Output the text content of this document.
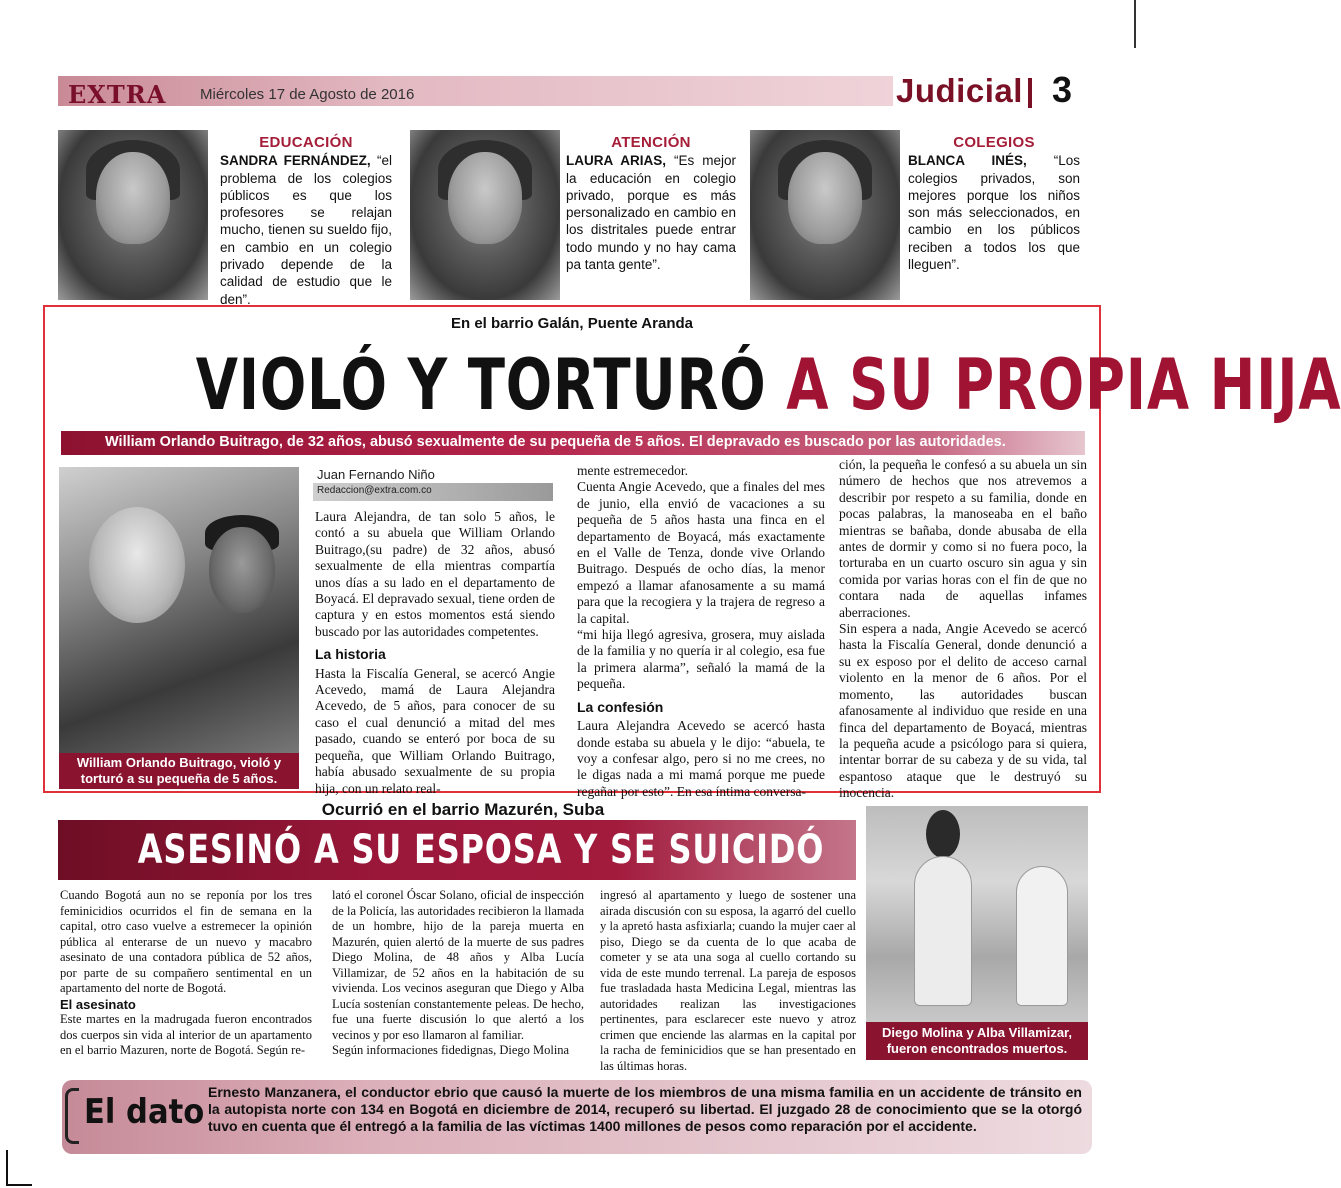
EXTRA Miércoles 17 de Agosto de 2016	Judicial 3
EDUCACIÓN
SANDRA FERNÁNDEZ, “el problema de los colegios públicos es que los profesores se relajan mucho, tienen su sueldo fijo, en cambio en un colegio privado depende de la calidad de estudio que le den”.
ATENCIÓN
LAURA ARIAS, “Es mejor la educación en colegio privado, porque es más personalizado en cambio en los distritales puede entrar todo mundo y no hay cama pa tanta gente”.
COLEGIOS
BLANCA INÉS, “Los colegios privados, son mejores porque los niños son más seleccionados, en cambio en los públicos reciben a todos los que lleguen”.
En el barrio Galán, Puente Aranda
VIOLÓ Y TORTURÓ A SU PROPIA HIJA
William Orlando Buitrago, de 32 años, abusó sexualmente de su pequeña de 5 años. El depravado es buscado por las autoridades.
William Orlando Buitrago, violó y torturó a su pequeña de 5 años.
Juan Fernando Niño
Redaccion@extra.com.co

Laura Alejandra, de tan solo 5 años, le contó a su abuela que William Orlando Buitrago,(su padre) de 32 años, abusó sexualmente de ella mientras compartía unos días a su lado en el departamento de Boyacá. El depravado sexual, tiene orden de captura y en estos momentos está siendo buscado por las autoridades competentes.

La historia

Hasta la Fiscalía General, se acercó Angie Acevedo, mamá de Laura Alejandra Acevedo, de 5 años, para conocer de su caso el cual denunció a mitad del mes pasado, cuando se enteró por boca de su pequeña, que William Orlando Buitrago, había abusado sexualmente de su propia hija, con un relato real-

mente estremecedor.

Cuenta Angie Acevedo, que a finales del mes de junio, ella envió de vacaciones a su pequeña de 5 años hasta una finca en el departamento de Boyacá, más exactamente en el Valle de Tenza, donde vive Orlando Buitrago. Después de ocho días, la menor empezó a llamar afanosamente a su mamá para que la recogiera y la trajera de regreso a la capital.

“mi hija llegó agresiva, grosera, muy aislada de la familia y no quería ir al colegio, esa fue la primera alarma”, señaló la mamá de la pequeña.

La confesión

Laura Alejandra Acevedo se acercó hasta donde estaba su abuela y le dijo: “abuela, te voy a confesar algo, pero si no me crees, no le digas nada a mi mamá porque me puede regañar por esto”. En esa íntima conversa-

ción, la pequeña le confesó a su abuela un sin número de hechos que nos atrevemos a describir por respeto a su familia, donde en pocas palabras, la manoseaba en el baño mientras se bañaba, donde abusaba de ella antes de dormir y como si no fuera poco, la torturaba en un cuarto oscuro sin agua y sin comida por varias horas con el fin de que no contara nada de aquellas infames aberraciones.

Sin espera a nada, Angie Acevedo se acercó hasta la Fiscalía General, donde denunció a su ex esposo por el delito de acceso carnal violento en la menor de 6 años. Por el momento, las autoridades buscan afanosamente al individuo que reside en una finca del departamento de Boyacá, mientras la pequeña acude a psicólogo para si quiera, intentar borrar de su cabeza y de su vida, tal espantoso ataque que le destruyó su inocencia.

Ocurrió en el barrio Mazurén, Suba
ASESINÓ A SU ESPOSA Y SE SUICIDÓ

Cuando Bogotá aun no se reponía por los tres feminicidios ocurridos el fin de semana en la capital, otro caso vuelve a estremecer la opinión pública al enterarse de un nuevo y macabro asesinato de una contadora pública de 52 años, por parte de su compañero sentimental en un apartamento del norte de Bogotá.

El asesinato

Este martes en la madrugada fueron encontrados dos cuerpos sin vida al interior de un apartamento en el barrio Mazuren, norte de Bogotá. Según re-

lató el coronel Óscar Solano, oficial de inspección de la Policía, las autoridades recibieron la llamada de un hombre, hijo de la pareja muerta en Mazurén, quien alertó de la muerte de sus padres Diego Molina, de 48 años y Alba Lucía Villamizar, de 52 años en la habitación de su vivienda. Los vecinos aseguran que Diego y Alba Lucía sostenían constantemente peleas. De hecho, fue una fuerte discusión lo que alertó a los vecinos y por eso llamaron al familiar.

Según informaciones fidedignas, Diego Molina

ingresó al apartamento y luego de sostener una airada discusión con su esposa, la agarró del cuello y la apretó hasta asfixiarla; cuando la mujer caer al piso, Diego se da cuenta de lo que acaba de cometer y se ata una soga al cuello cortando su vida de este mundo terrenal. La pareja de esposos fue trasladada hasta Medicina Legal, mientras las autoridades realizan las investigaciones pertinentes, para esclarecer este nuevo y atroz crimen que enciende las alarmas en la capital por la racha de feminicidios que se han presentado en las últimas horas.

Diego Molina y Alba Villamizar, fueron encontrados muertos.
El dato Ernesto Manzanera, el conductor ebrio que causó la muerte de los miembros de una misma familia en un accidente de tránsito en la autopista norte con 134 en Bogotá en diciembre de 2014, recuperó su libertad. El juzgado 28 de conocimiento que se la otorgó tuvo en cuenta que él entregó a la familia de las víctimas 1400 millones de pesos como reparación por el accidente.
